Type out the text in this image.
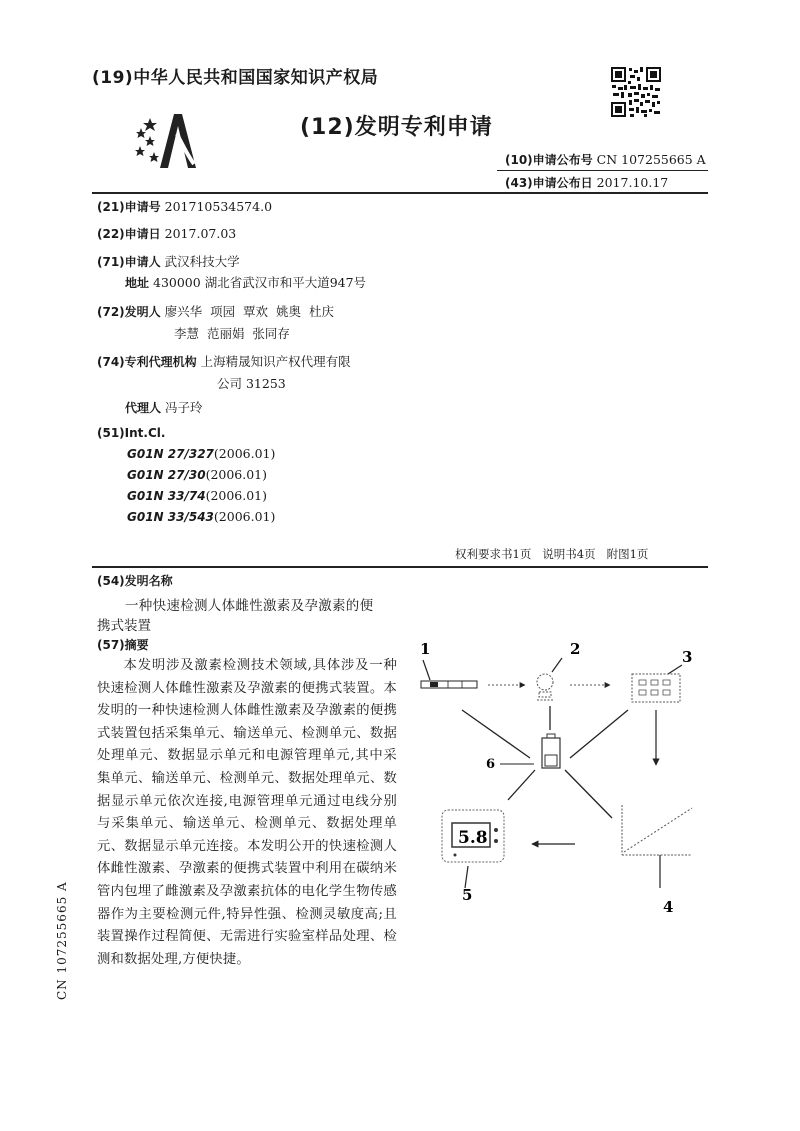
(19)中华人民共和国国家知识产权局
(12)发明专利申请
(10)申请公布号 CN 107255665 A
(43)申请公布日 2017.10.17
(21)申请号 201710534574.0
(22)申请日 2017.07.03
(71)申请人 武汉科技大学
地址 430000 湖北省武汉市和平大道947号
(72)发明人 廖兴华  项园  覃欢  姚奥  杜庆
李慧  范丽娟  张同存
(74)专利代理机构 上海精晟知识产权代理有限
公司 31253
代理人 冯子玲
(51)Int.Cl.
G01N 27/327(2006.01)
G01N 27/30(2006.01)
G01N 33/74(2006.01)
G01N 33/543(2006.01)
权利要求书1页   说明书4页   附图1页
(54)发明名称
一种快速检测人体雌性激素及孕激素的便
携式装置
(57)摘要
本发明涉及激素检测技术领域,具体涉及一种快速检测人体雌性激素及孕激素的便携式装置。本发明的一种快速检测人体雌性激素及孕激素的便携式装置包括采集单元、输送单元、检测单元、数据处理单元、数据显示单元和电源管理单元,其中采集单元、输送单元、检测单元、数据处理单元、数据显示单元依次连接,电源管理单元通过电线分别与采集单元、输送单元、检测单元、数据处理单元、数据显示单元连接。本发明公开的快速检测人体雌性激素、孕激素的便携式装置中利用在碳纳米管内包埋了雌激素及孕激素抗体的电化学生物传感器作为主要检测元件,特异性强、检测灵敏度高;且装置操作过程简便、无需进行实验室样品处理、检测和数据处理,方便快捷。
CN 107255665 A
1	2	3
4
5
6
5.8
